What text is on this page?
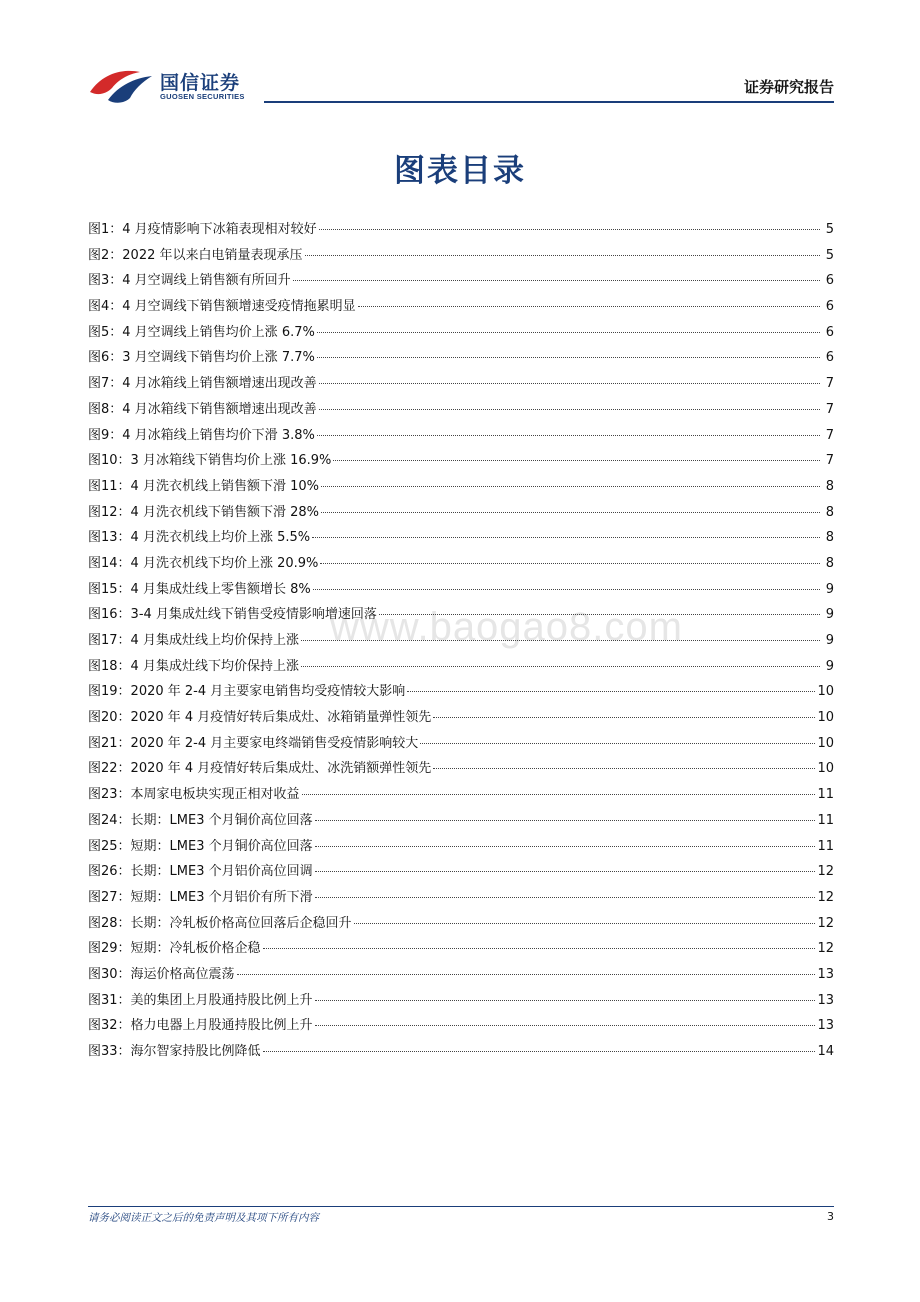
国信证券
GUOSEN SECURITIES
证券研究报告
图表目录
www.baogao8.com
图1： 4 月疫情影响下冰箱表现相对较好	5
图2： 2022 年以来白电销量表现承压	5
图3： 4 月空调线上销售额有所回升	6
图4： 4 月空调线下销售额增速受疫情拖累明显	6
图5： 4 月空调线上销售均价上涨 6.7%	6
图6： 3 月空调线下销售均价上涨 7.7%	6
图7： 4 月冰箱线上销售额增速出现改善	7
图8： 4 月冰箱线下销售额增速出现改善	7
图9： 4 月冰箱线上销售均价下滑 3.8%	7
图10： 3 月冰箱线下销售均价上涨 16.9%	7
图11： 4 月洗衣机线上销售额下滑 10%	8
图12： 4 月洗衣机线下销售额下滑 28%	8
图13： 4 月洗衣机线上均价上涨 5.5%	8
图14： 4 月洗衣机线下均价上涨 20.9%	8
图15： 4 月集成灶线上零售额增长 8%	9
图16： 3-4 月集成灶线下销售受疫情影响增速回落	9
图17： 4 月集成灶线上均价保持上涨	9
图18： 4 月集成灶线下均价保持上涨	9
图19： 2020 年 2-4 月主要家电销售均受疫情较大影响	10
图20： 2020 年 4 月疫情好转后集成灶、冰箱销量弹性领先	10
图21： 2020 年 2-4 月主要家电终端销售受疫情影响较大	10
图22： 2020 年 4 月疫情好转后集成灶、冰洗销额弹性领先	10
图23： 本周家电板块实现正相对收益	11
图24： 长期：LME3 个月铜价高位回落	11
图25： 短期：LME3 个月铜价高位回落	11
图26： 长期：LME3 个月铝价高位回调	12
图27： 短期：LME3 个月铝价有所下滑	12
图28： 长期：冷轧板价格高位回落后企稳回升	12
图29： 短期：冷轧板价格企稳	12
图30： 海运价格高位震荡	13
图31： 美的集团上月股通持股比例上升	13
图32： 格力电器上月股通持股比例上升	13
图33： 海尔智家持股比例降低	14
请务必阅读正文之后的免责声明及其项下所有内容	3
